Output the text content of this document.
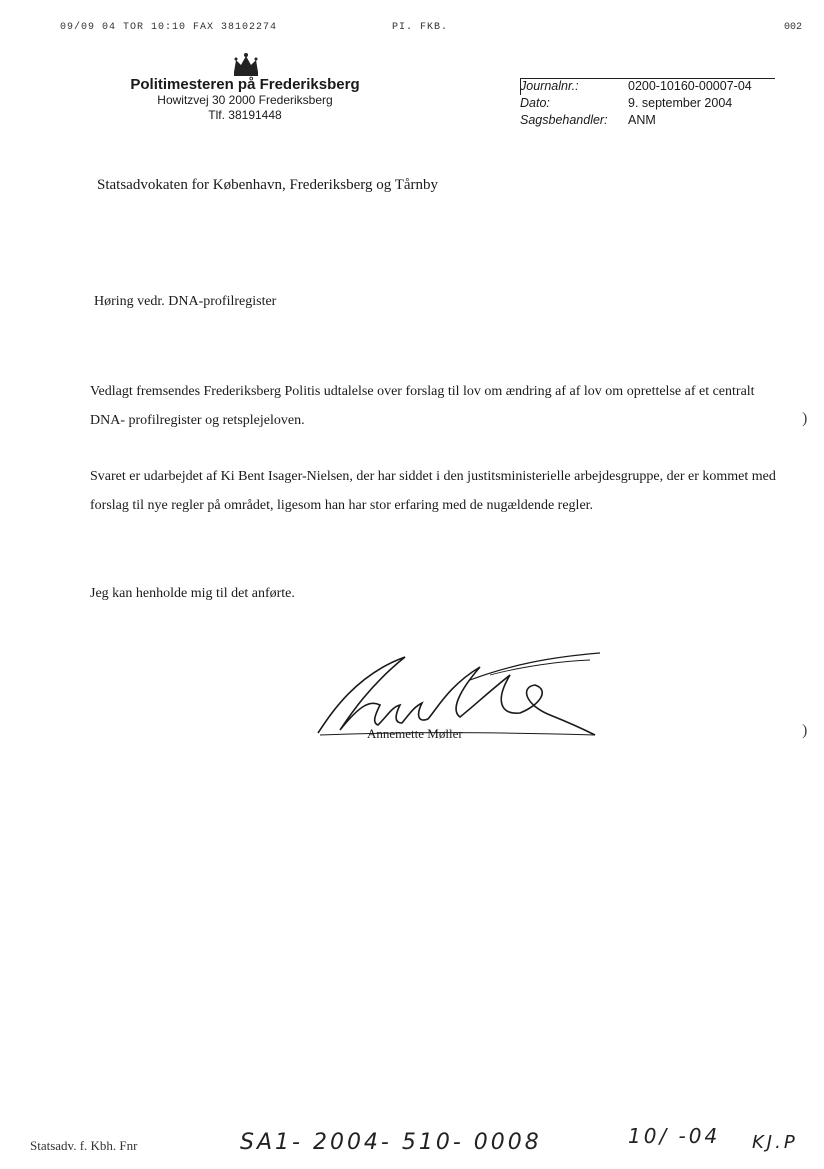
09/09 04 TOR 10:10 FAX 38102274	PI. FKB.	002
Politimesteren på Frederiksberg
Howitzvej 30 2000 Frederiksberg
Tlf. 38191448
Journalnr.:	0200-10160-00007-04
Dato:	9. september 2004
Sagsbehandler:	ANM
Statsadvokaten for København, Frederiksberg og Tårnby
Høring vedr. DNA-profilregister
Vedlagt fremsendes Frederiksberg Politis udtalelse over forslag til lov om ændring af af lov om oprettelse af et centralt DNA- profilregister og retsplejeloven.
Svaret er udarbejdet af Ki Bent Isager-Nielsen, der har siddet i den justitsministerielle arbejdesgruppe, der er kommet med forslag til nye regler på området, ligesom han har stor erfaring med de nugældende regler.
Jeg kan henholde mig til det anførte.
)
)
Annemette Møller
Statsadv. f. Kbh. Fnr	SA1- 2004- 510- 0008	10/ -04 KJ.P
